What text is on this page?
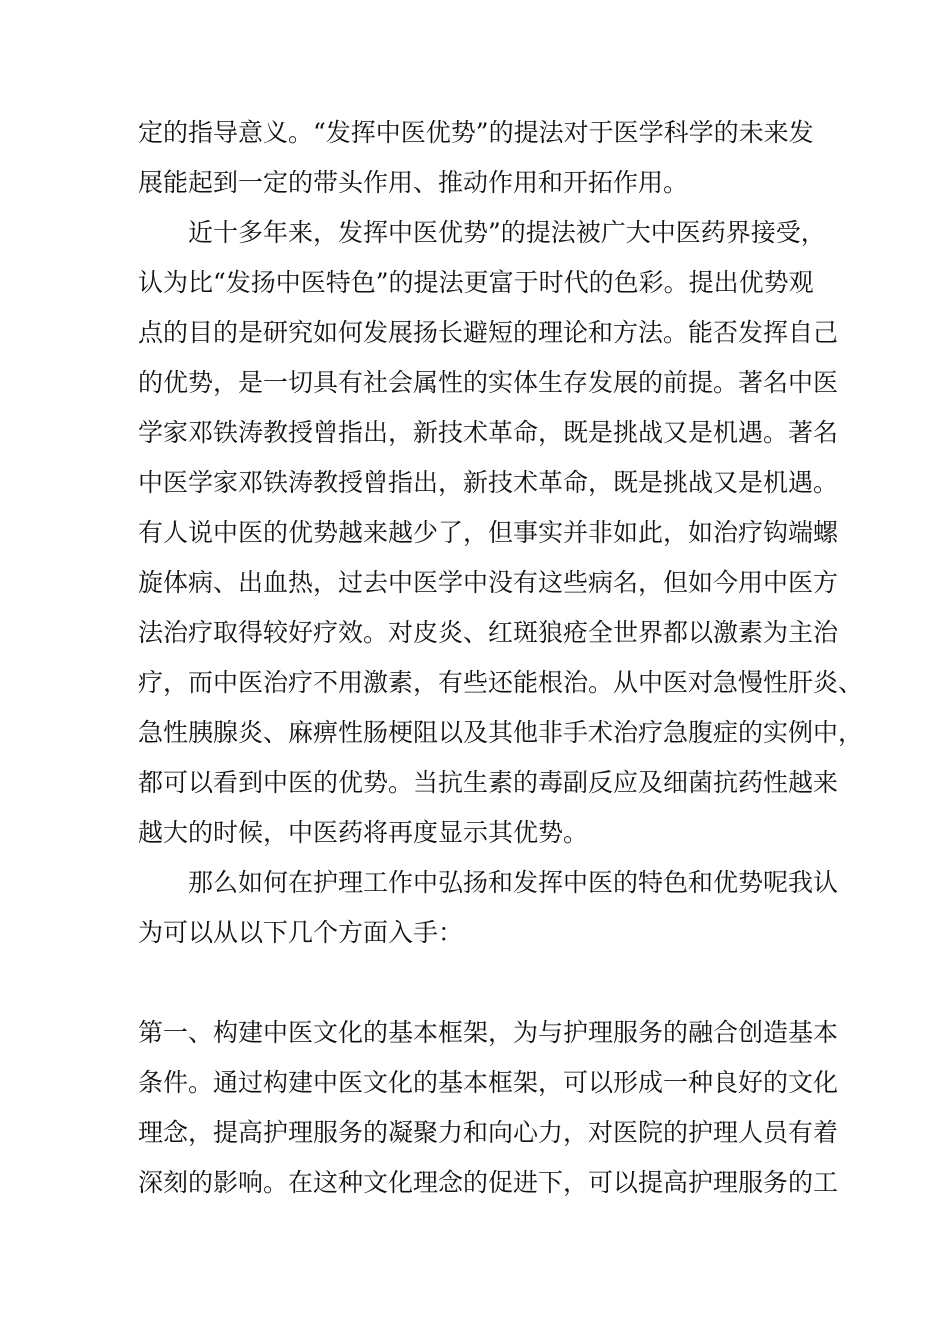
定的指导意义。“发挥中医优势”的提法对于医学科学的未来发

展能起到一定的带头作用、推动作用和开拓作用。

近十多年来，发挥中医优势”的提法被广大中医药界接受，

认为比“发扬中医特色”的提法更富于时代的色彩。提出优势观

点的目的是研究如何发展扬长避短的理论和方法。能否发挥自己

的优势，是一切具有社会属性的实体生存发展的前提。著名中医

学家邓铁涛教授曾指出，新技术革命，既是挑战又是机遇。著名

中医学家邓铁涛教授曾指出，新技术革命，既是挑战又是机遇。

有人说中医的优势越来越少了，但事实并非如此，如治疗钩端螺

旋体病、出血热，过去中医学中没有这些病名，但如今用中医方

法治疗取得较好疗效。对皮炎、红斑狼疮全世界都以激素为主治

疗，而中医治疗不用激素，有些还能根治。从中医对急慢性肝炎、

急性胰腺炎、麻痹性肠梗阻以及其他非手术治疗急腹症的实例中，

都可以看到中医的优势。当抗生素的毒副反应及细菌抗药性越来

越大的时候，中医药将再度显示其优势。

那么如何在护理工作中弘扬和发挥中医的特色和优势呢我认

为可以从以下几个方面入手：

第一、构建中医文化的基本框架，为与护理服务的融合创造基本

条件。通过构建中医文化的基本框架，可以形成一种良好的文化

理念，提高护理服务的凝聚力和向心力，对医院的护理人员有着

深刻的影响。在这种文化理念的促进下，可以提高护理服务的工
